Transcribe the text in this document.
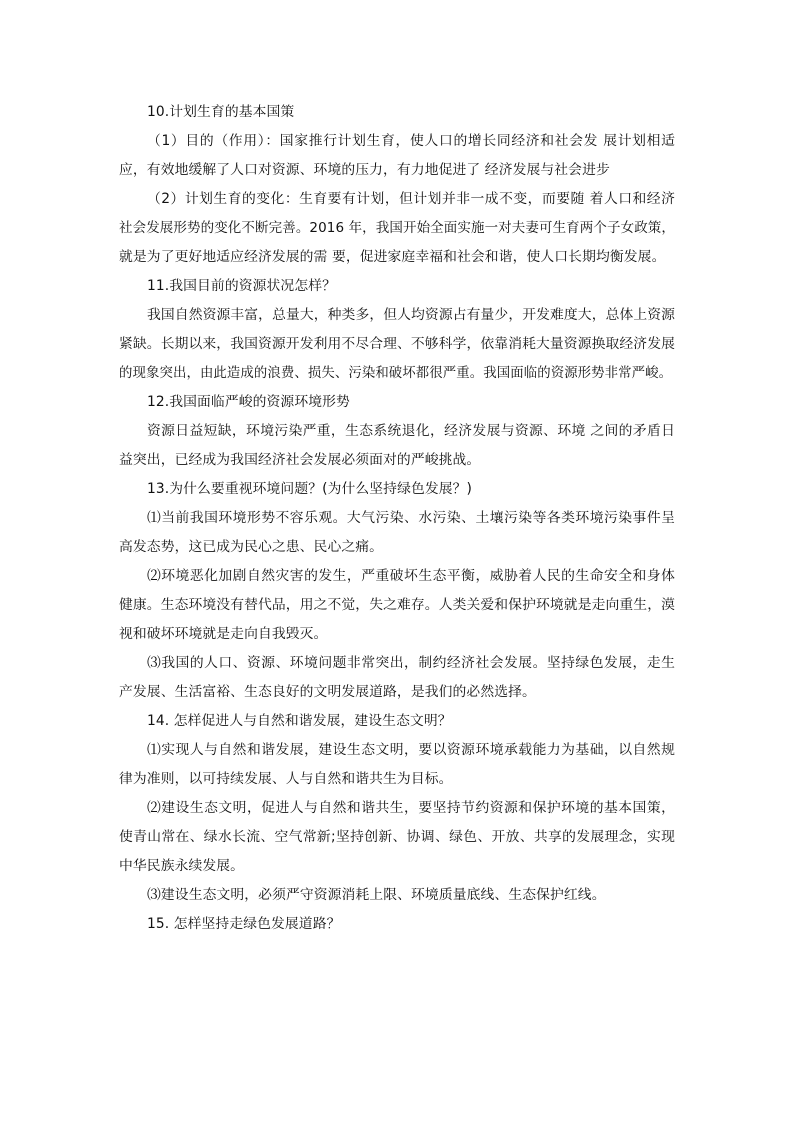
10.计划生育的基本国策
（1）目的（作用）：国家推行计划生育，使人口的增长同经济和社会发 展计划相适
应，有效地缓解了人口对资源、环境的压力，有力地促进了 经济发展与社会进步
（2）计划生育的变化：生育要有计划，但计划并非一成不变，而要随 着人口和经济
社会发展形势的变化不断完善。2016 年，我国开始全面实施一对夫妻可生育两个子女政策，
就是为了更好地适应经济发展的需 要，促进家庭幸福和社会和谐，使人口长期均衡发展。
11.我国目前的资源状况怎样？
我国自然资源丰富，总量大，种类多，但人均资源占有量少，开发难度大，总体上资源
紧缺。长期以来，我国资源开发利用不尽合理、不够科学，依靠消耗大量资源换取经济发展
的现象突出，由此造成的浪费、损失、污染和破坏都很严重。我国面临的资源形势非常严峻。
12.我国面临严峻的资源环境形势
资源日益短缺，环境污染严重，生态系统退化，经济发展与资源、环境 之间的矛盾日
益突出，已经成为我国经济社会发展必须面对的严峻挑战。
13.为什么要重视环境问题？(为什么坚持绿色发展？)
⑴当前我国环境形势不容乐观。大气污染、水污染、土壤污染等各类环境污染事件呈
高发态势，这已成为民心之患、民心之痛。
⑵环境恶化加剧自然灾害的发生，严重破坏生态平衡，威胁着人民的生命安全和身体
健康。生态环境没有替代品，用之不觉，失之难存。人类关爱和保护环境就是走向重生，漠
视和破坏环境就是走向自我毁灭。
⑶我国的人口、资源、环境问题非常突出，制约经济社会发展。坚持绿色发展，走生
产发展、生活富裕、生态良好的文明发展道路，是我们的必然选择。
14. 怎样促进人与自然和谐发展，建设生态文明？
⑴实现人与自然和谐发展，建设生态文明，要以资源环境承载能力为基础，以自然规
律为准则，以可持续发展、人与自然和谐共生为目标。
⑵建设生态文明，促进人与自然和谐共生，要坚持节约资源和保护环境的基本国策，
使青山常在、绿水长流、空气常新;坚持创新、协调、绿色、开放、共享的发展理念，实现
中华民族永续发展。
⑶建设生态文明，必须严守资源消耗上限、环境质量底线、生态保护红线。
15. 怎样坚持走绿色发展道路？
